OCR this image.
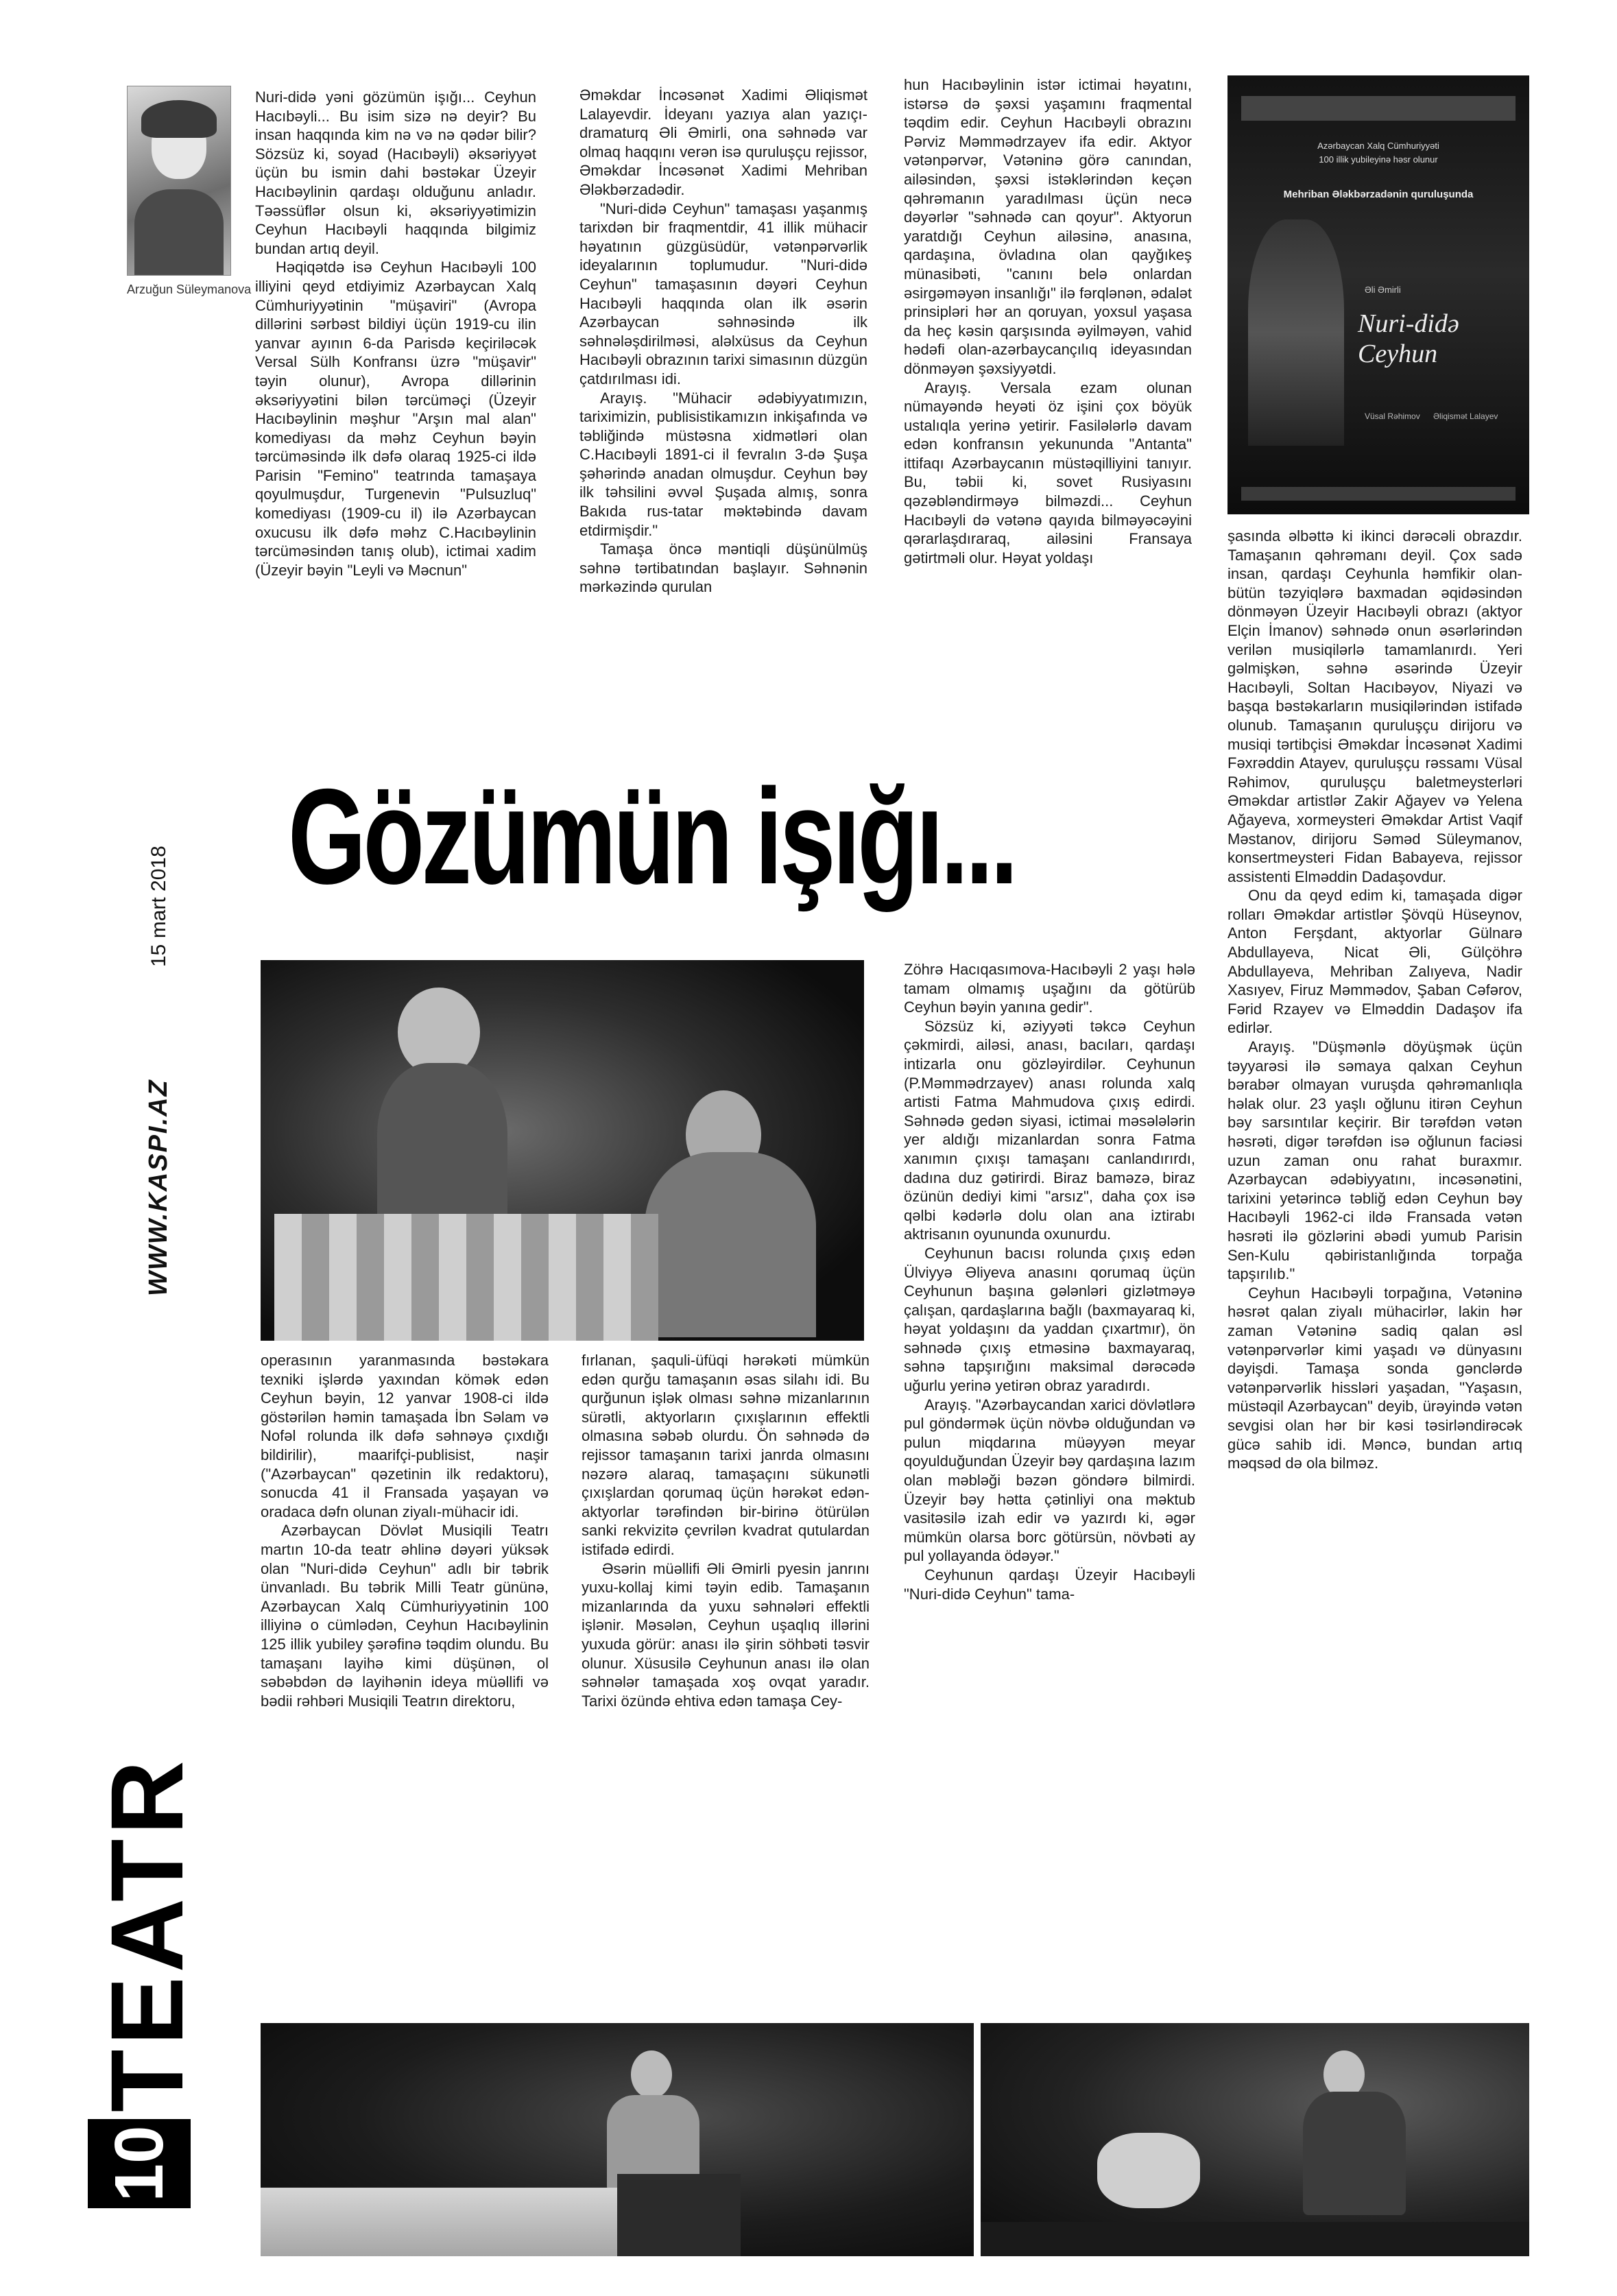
Arzuğun Süleymanova
WWW.KASPI.AZ
15 mart 2018
TEATR
10

Nuri-didə yəni gözümün işığı... Ceyhun Hacıbəyli... Bu isim sizə nə deyir? Bu insan haqqında kim nə və nə qədər bilir? Sözsüz ki, soyad (Hacıbəyli) əksəriyyət üçün bu ismin dahi bəstəkar Üzeyir Hacıbəylinin qardaşı olduğunu anladır. Təəssüflər olsun ki, əksəriyyətimizin Ceyhun Hacıbəyli haqqında bilgimiz bundan artıq deyil.

Həqiqətdə isə Ceyhun Hacıbəyli 100 illiyini qeyd etdiyimiz Azərbaycan Xalq Cümhuriyyətinin "müşaviri" (Avropa dillərini sərbəst bildiyi üçün 1919-cu ilin yanvar ayının 6-da Parisdə keçiriləcək Versal Sülh Konfransı üzrə "müşavir" təyin olunur), Avropa dillərinin əksəriyyətini bilən tərcüməçi (Üzeyir Hacıbəylinin məşhur "Arşın mal alan" komediyası da məhz Ceyhun bəyin tərcüməsində ilk dəfə olaraq 1925-ci ildə Parisin "Femino" teatrında tamaşaya qoyulmuşdur, Turgenevin "Pulsuzluq" komediyası (1909-cu il) ilə Azərbaycan oxucusu ilk dəfə məhz C.Hacıbəylinin tərcüməsindən tanış olub), ictimai xadim (Üzeyir bəyin "Leyli və Məcnun"

Əməkdar İncəsənət Xadimi Əliqismət Lalayevdir. İdeyanı yazıya alan yazıçı-dramaturq Əli Əmirli, ona səhnədə var olmaq haqqını verən isə quruluşçu rejissor, Əməkdar İncəsənət Xadimi Mehriban Ələkbərzadədir.

"Nuri-didə Ceyhun" tamaşası yaşanmış tarixdən bir fraqmentdir, 41 illik mühacir həyatının güzgüsüdür, vətənpərvərlik ideyalarının toplumudur. "Nuri-didə Ceyhun" tamaşasının dəyəri Ceyhun Hacıbəyli haqqında olan ilk əsərin Azərbaycan səhnəsində ilk səhnələşdirilməsi, aləlxüsus da Ceyhun Hacıbəyli obrazının tarixi simasının düzgün çatdırılması idi.

Arayış. "Mühacir ədəbiyyatımızın, tariximizin, publisistikamızın inkişafında və təbliğində müstəsna xidmətləri olan C.Hacıbəyli 1891-ci il fevralın 3-də Şuşa şəhərində anadan olmuşdur. Ceyhun bəy ilk təhsilini əvvəl Şuşada almış, sonra Bakıda rus-tatar məktəbində davam etdirmişdir."

Tamaşa öncə məntiqli düşünülmüş səhnə tərtibatından başlayır. Səhnənin mərkəzində qurulan

hun Hacıbəylinin istər ictimai həyatını, istərsə də şəxsi yaşamını fraqmental təqdim edir. Ceyhun Hacıbəyli obrazını Pərviz Məmmədrzayev ifa edir. Aktyor vətənpərvər, Vətəninə görə canından, ailəsindən, şəxsi istəklərindən keçən qəhrəmanın yaradılması üçün necə dəyərlər "səhnədə can qoyur". Aktyorun yaratdığı Ceyhun ailəsinə, anasına, qardaşına, övladına olan qayğıkeş münasibəti, "canını belə onlardan əsirgəməyən insanlığı" ilə fərqlənən, ədalət prinsipləri hər an qoruyan, yoxsul yaşasa da heç kəsin qarşısında əyilməyən, vahid hədəfi olan-azərbaycançılıq ideyasından dönməyən şəxsiyyətdi.

Arayış. Versala ezam olunan nümayəndə heyəti öz işini çox böyük ustalıqla yerinə yetirir. Fasilələrlə davam edən konfransın yekununda "Antanta" ittifaqı Azərbaycanın müstəqilliyini tanıyır. Bu, təbii ki, sovet Rusiyasını qəzəbləndirməyə bilməzdi... Ceyhun Hacıbəyli də vətənə qayıda bilməyəcəyini qərarlaşdıraraq, ailəsini Fransaya gətirtməli olur. Həyat yoldaşı

Azərbaycan Xalq Cümhuriyyəti
100 illik yubileyinə həsr olunur
Mehriban Ələkbərzadənin quruluşunda
Əli Əmirli
Nuri-didə Ceyhun
Vüsal Rəhimov Əliqismət Lalayev

şasında əlbəttə ki ikinci dərəcəli obrazdır. Tamaşanın qəhrəmanı deyil. Çox sadə insan, qardaşı Ceyhunla həmfikir olan-bütün təzyiqlərə baxmadan əqidəsindən dönməyən Üzeyir Hacıbəyli obrazı (aktyor Elçin İmanov) səhnədə onun əsərlərindən verilən musiqilərlə tamamlanırdı. Yeri gəlmişkən, səhnə əsərində Üzeyir Hacıbəyli, Soltan Hacıbəyov, Niyazi və başqa bəstəkarların musiqilərindən istifadə olunub. Tamaşanın quruluşçu dirijoru və musiqi tərtibçisi Əməkdar İncəsənət Xadimi Fəxrəddin Atayev, quruluşçu rəssamı Vüsal Rəhimov, quruluşçu baletmeysterləri Əməkdar artistlər Zakir Ağayev və Yelena Ağayeva, xormeysteri Əməkdar Artist Vaqif Məstanov, dirijoru Səməd Süleymanov, konsertmeysteri Fidan Babayeva, rejissor assistenti Elməddin Dadaşovdur.

Onu da qeyd edim ki, tamaşada digər rolları Əməkdar artistlər Şövqü Hüseynov, Anton Ferşdant, aktyorlar Gülnarə Abdullayeva, Nicat Əli, Gülçöhrə Abdullayeva, Mehriban Zalıyeva, Nadir Xasıyev, Firuz Məmmədov, Şaban Cəfərov, Fərid Rzayev və Elməddin Dadaşov ifa edirlər.

Arayış. "Düşmənlə döyüşmək üçün təyyarəsi ilə səmaya qalxan Ceyhun bərabər olmayan vuruşda qəhrəmanlıqla həlak olur. 23 yaşlı oğlunu itirən Ceyhun bəy sarsıntılar keçirir. Bir tərəfdən vətən həsrəti, digər tərəfdən isə oğlunun faciəsi uzun zaman onu rahat buraxmır. Azərbaycan ədəbiyyatını, incəsənətini, tarixini yetərincə təbliğ edən Ceyhun bəy Hacıbəyli 1962-ci ildə Fransada vətən həsrəti ilə gözlərini əbədi yumub Parisin Sen-Kulu qəbiristanlığında torpağa tapşırılıb."

Ceyhun Hacıbəyli torpağına, Vətəninə həsrət qalan ziyalı mühacirlər, lakin hər zaman Vətəninə sadiq qalan əsl vətənpərvərlər kimi yaşadı və dünyasını dəyişdi. Tamaşa sonda gənclərdə vətənpərvərlik hissləri yaşadan, "Yaşasın, müstəqil Azərbaycan" deyib, ürəyində vətən sevgisi olan hər bir kəsi təsirləndirəcək gücə sahib idi. Məncə, bundan artıq məqsəd də ola bilməz.

Gözümün işığı...

Zöhrə Hacıqasımova-Hacıbəyli 2 yaşı hələ tamam olmamış uşağını da götürüb Ceyhun bəyin yanına gedir".

Sözsüz ki, əziyyəti təkcə Ceyhun çəkmirdi, ailəsi, anası, bacıları, qardaşı intizarla onu gözləyirdilər. Ceyhunun (P.Məmmədrzayev) anası rolunda xalq artisti Fatma Mahmudova çıxış edirdi. Səhnədə gedən siyasi, ictimai məsələlərin yer aldığı mizanlardan sonra Fatma xanımın çıxışı tamaşanı canlandırırdı, dadına duz gətirirdi. Biraz baməzə, biraz özünün dediyi kimi "arsız", daha çox isə qəlbi kədərlə dolu olan ana iztirabı aktrisanın oyununda oxunurdu.

Ceyhunun bacısı rolunda çıxış edən Ülviyyə Əliyeva anasını qorumaq üçün Ceyhunun başına gələnləri gizlətməyə çalışan, qardaşlarına bağlı (baxmayaraq ki, həyat yoldaşını da yaddan çıxartmır), ön səhnədə çıxış etməsinə baxmayaraq, səhnə tapşırığını maksimal dərəcədə uğurlu yerinə yetirən obraz yaradırdı.

Arayış. "Azərbaycandan xarici dövlətlərə pul göndərmək üçün növbə olduğundan və pulun miqdarına müəyyən meyar qoyulduğundan Üzeyir bəy qardaşına lazım olan məbləği bəzən göndərə bilmirdi. Üzeyir bəy hətta çətinliyi ona məktub vasitəsilə izah edir və yazırdı ki, əgər mümkün olarsa borc götürsün, növbəti ay pul yollayanda ödəyər."

Ceyhunun qardaşı Üzeyir Hacıbəyli "Nuri-didə Ceyhun" tama-

operasının yaranmasında bəstəkara texniki işlərdə yaxından kömək edən Ceyhun bəyin, 12 yanvar 1908-ci ildə göstərilən həmin tamaşada İbn Səlam və Nofəl rolunda ilk dəfə səhnəyə çıxdığı bildirilir), maarifçi-publisist, naşir ("Azərbaycan" qəzetinin ilk redaktoru), sonucda 41 il Fransada yaşayan və oradaca dəfn olunan ziyalı-mühacir idi.

Azərbaycan Dövlət Musiqili Teatrı martın 10-da teatr əhlinə dəyəri yüksək olan "Nuri-didə Ceyhun" adlı bir təbrik ünvanladı. Bu təbrik Milli Teatr gününə, Azərbaycan Xalq Cümhuriyyətinin 100 illiyinə o cümlədən, Ceyhun Hacıbəylinin 125 illik yubiley şərəfinə təqdim olundu. Bu tamaşanı layihə kimi düşünən, ol səbəbdən də layihənin ideya müəllifi və bədii rəhbəri Musiqili Teatrın direktoru,

fırlanan, şaquli-üfüqi hərəkəti mümkün edən qurğu tamaşanın əsas silahı idi. Bu qurğunun işlək olması səhnə mizanlarının sürətli, aktyorların çıxışlarının effektli olmasına səbəb olurdu. Ön səhnədə də rejissor tamaşanın tarixi janrda olmasını nəzərə alaraq, tamaşaçını sükunətli çıxışlardan qorumaq üçün hərəkət edən-aktyorlar tərəfindən bir-birinə ötürülən sanki rekvizitə çevrilən kvadrat qutulardan istifadə edirdi.

Əsərin müəllifi Əli Əmirli pyesin janrını yuxu-kollaj kimi təyin edib. Tamaşanın mizanlarında da yuxu səhnələri effektli işlənir. Məsələn, Ceyhun uşaqlıq illərini yuxuda görür: anası ilə şirin söhbəti təsvir olunur. Xüsusilə Ceyhunun anası ilə olan səhnələr tamaşada xoş ovqat yaradır. Tarixi özündə ehtiva edən tamaşa Cey-
